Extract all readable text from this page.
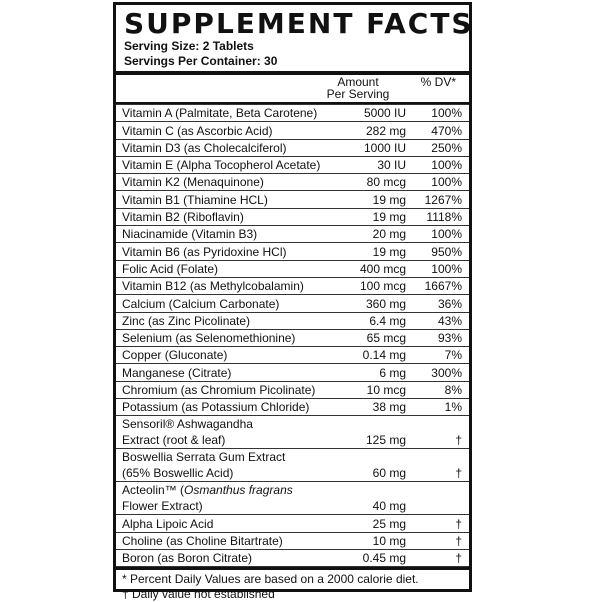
SUPPLEMENT FACTS
Serving Size: 2 Tablets
Servings Per Container: 30
Amount
Per Serving
% DV*
Vitamin A (Palmitate, Beta Carotene)	5000 IU	100%
Vitamin C (as Ascorbic Acid)	282 mg	470%
Vitamin D3 (as Cholecalciferol)	1000 IU	250%
Vitamin E (Alpha Tocopherol Acetate)	30 IU	100%
Vitamin K2 (Menaquinone)	80 mcg	100%
Vitamin B1 (Thiamine HCL)	19 mg	1267%
Vitamin B2 (Riboflavin)	19 mg	1118%
Niacinamide (Vitamin B3)	20 mg	100%
Vitamin B6 (as Pyridoxine HCl)	19 mg	950%
Folic Acid (Folate)	400 mcg	100%
Vitamin B12 (as Methylcobalamin)	100 mcg	1667%
Calcium (Calcium Carbonate)	360 mg	36%
Zinc (as Zinc Picolinate)	6.4 mg	43%
Selenium (as Selenomethionine)	65 mcg	93%
Copper (Gluconate)	0.14 mg	7%
Manganese (Citrate)	6 mg	300%
Chromium (as Chromium Picolinate)	10 mcg	8%
Potassium (as Potassium Chloride)	38 mg	1%

Sensoril® Ashwagandha
Extract (root & leaf)	125 mg	†

Boswellia Serrata Gum Extract
(65% Boswellic Acid)	60 mg	†

Acteolin™ (Osmanthus fragrans
Flower Extract)	40 mg	
Alpha Lipoic Acid	25 mg	†
Choline (as Choline Bitartrate)	10 mg	†
Boron (as Boron Citrate)	0.45 mg	†
* Percent Daily Values are based on a 2000 calorie diet.
† Daily value not established
